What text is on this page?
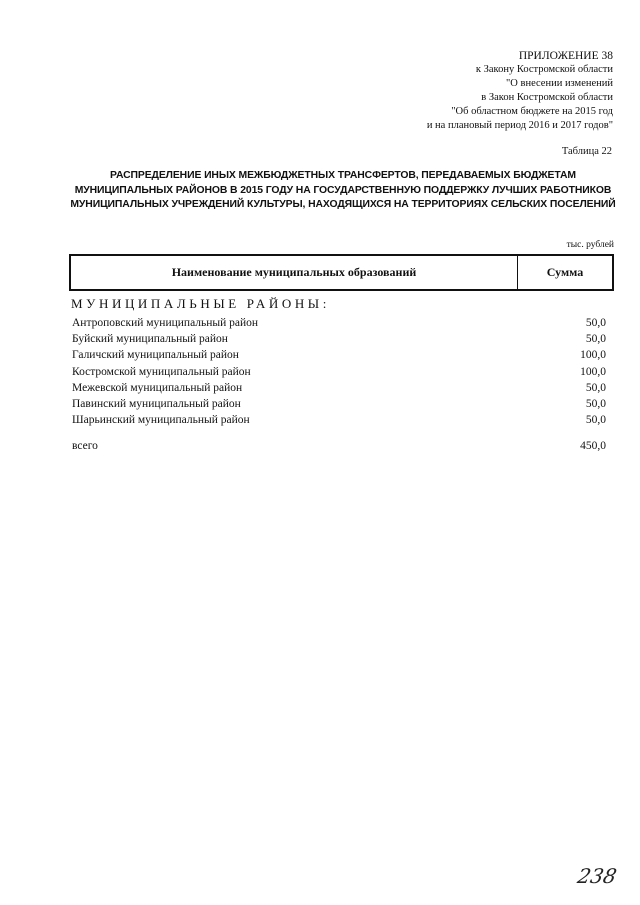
ПРИЛОЖЕНИЕ 38
к Закону Костромской области
"О внесении изменений
в Закон Костромской области
"Об областном бюджете на 2015 год
и на плановый период 2016 и 2017 годов"
Таблица 22
РАСПРЕДЕЛЕНИЕ ИНЫХ МЕЖБЮДЖЕТНЫХ ТРАНСФЕРТОВ, ПЕРЕДАВАЕМЫХ БЮДЖЕТАМ МУНИЦИПАЛЬНЫХ РАЙОНОВ В 2015 ГОДУ НА ГОСУДАРСТВЕННУЮ ПОДДЕРЖКУ ЛУЧШИХ РАБОТНИКОВ МУНИЦИПАЛЬНЫХ УЧРЕЖДЕНИЙ КУЛЬТУРЫ, НАХОДЯЩИХСЯ НА ТЕРРИТОРИЯХ СЕЛЬСКИХ ПОСЕЛЕНИЙ
тыс. рублей
Наименование муниципальных образований	Сумма
МУНИЦИПАЛЬНЫЕ РАЙОНЫ:
Антроповский муниципальный район	50,0
Буйский муниципальный район	50,0
Галичский муниципальный район	100,0
Костромской муниципальный район	100,0
Межевской муниципальный район	50,0
Павинский муниципальный район	50,0
Шарьинский муниципальный район	50,0
всего	450,0
238
